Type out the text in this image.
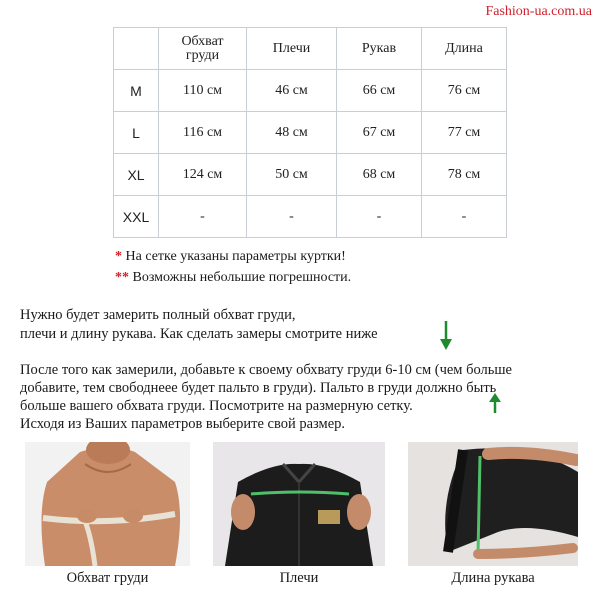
Fashion-ua.com.ua
	Обхват
груди	Плечи	Рукав	Длина
M	110 см	46 см	66 см	76 см
L	116 см	48 см	67 см	77 см
XL	124 см	50 см	68 см	78 см
XXL	-	-	-	-
* На сетке указаны параметры куртки!
** Возможны небольшие погрешности.
Нужно будет замерить полный обхват груди,
плечи и длину рукава. Как сделать замеры смотрите ниже
После того как замерили, добавьте к своему обхвату груди 6-10 см (чем больше
добавите, тем свободнеее будет пальто в груди). Пальто в груди должно быть
больше вашего обхвата груди. Посмотрите на размерную сетку.
Исходя из Ваших параметров выберите свой размер.
Обхват груди	Плечи	Длина рукава
